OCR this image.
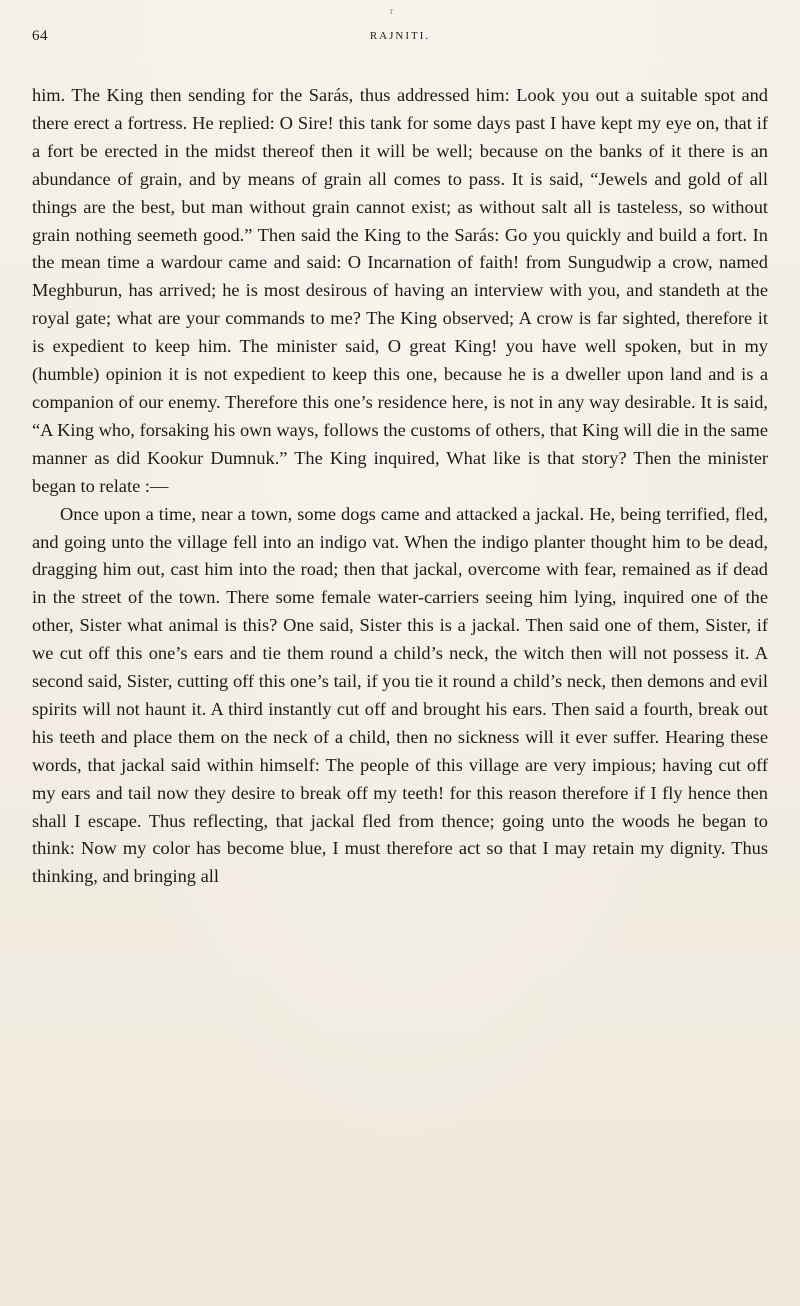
r
64	RAJNITI.

him. The King then sending for the Sarás, thus addressed him: Look you out a suitable spot and there erect a fortress. He replied: O Sire! this tank for some days past I have kept my eye on, that if a fort be erected in the midst thereof then it will be well; because on the banks of it there is an abundance of grain, and by means of grain all comes to pass. It is said, “Jewels and gold of all things are the best, but man without grain cannot exist; as without salt all is tasteless, so without grain nothing seemeth good.” Then said the King to the Sarás: Go you quickly and build a fort. In the mean time a wardour came and said: O Incarnation of faith! from Sungudwip a crow, named Meghburun, has arrived; he is most desirous of having an interview with you, and standeth at the royal gate; what are your commands to me? The King observed; A crow is far sighted, therefore it is expedient to keep him. The minister said, O great King! you have well spoken, but in my (humble) opinion it is not expedient to keep this one, because he is a dweller upon land and is a companion of our enemy. Therefore this one’s residence here, is not in any way desirable. It is said, “A King who, forsaking his own ways, follows the customs of others, that King will die in the same manner as did Kookur Dumnuk.” The King inquired, What like is that story? Then the minister began to relate :—

Once upon a time, near a town, some dogs came and attacked a jackal. He, being terrified, fled, and going unto the village fell into an indigo vat. When the indigo planter thought him to be dead, dragging him out, cast him into the road; then that jackal, overcome with fear, remained as if dead in the street of the town. There some female water-carriers seeing him lying, inquired one of the other, Sister what animal is this? One said, Sister this is a jackal. Then said one of them, Sister, if we cut off this one’s ears and tie them round a child’s neck, the witch then will not possess it. A second said, Sister, cutting off this one’s tail, if you tie it round a child’s neck, then demons and evil spirits will not haunt it. A third instantly cut off and brought his ears. Then said a fourth, break out his teeth and place them on the neck of a child, then no sickness will it ever suffer. Hearing these words, that jackal said within himself: The people of this village are very impious; having cut off my ears and tail now they desire to break off my teeth! for this reason therefore if I fly hence then shall I escape. Thus reflecting, that jackal fled from thence; going unto the woods he began to think: Now my color has become blue, I must therefore act so that I may retain my dignity. Thus thinking, and bringing all
